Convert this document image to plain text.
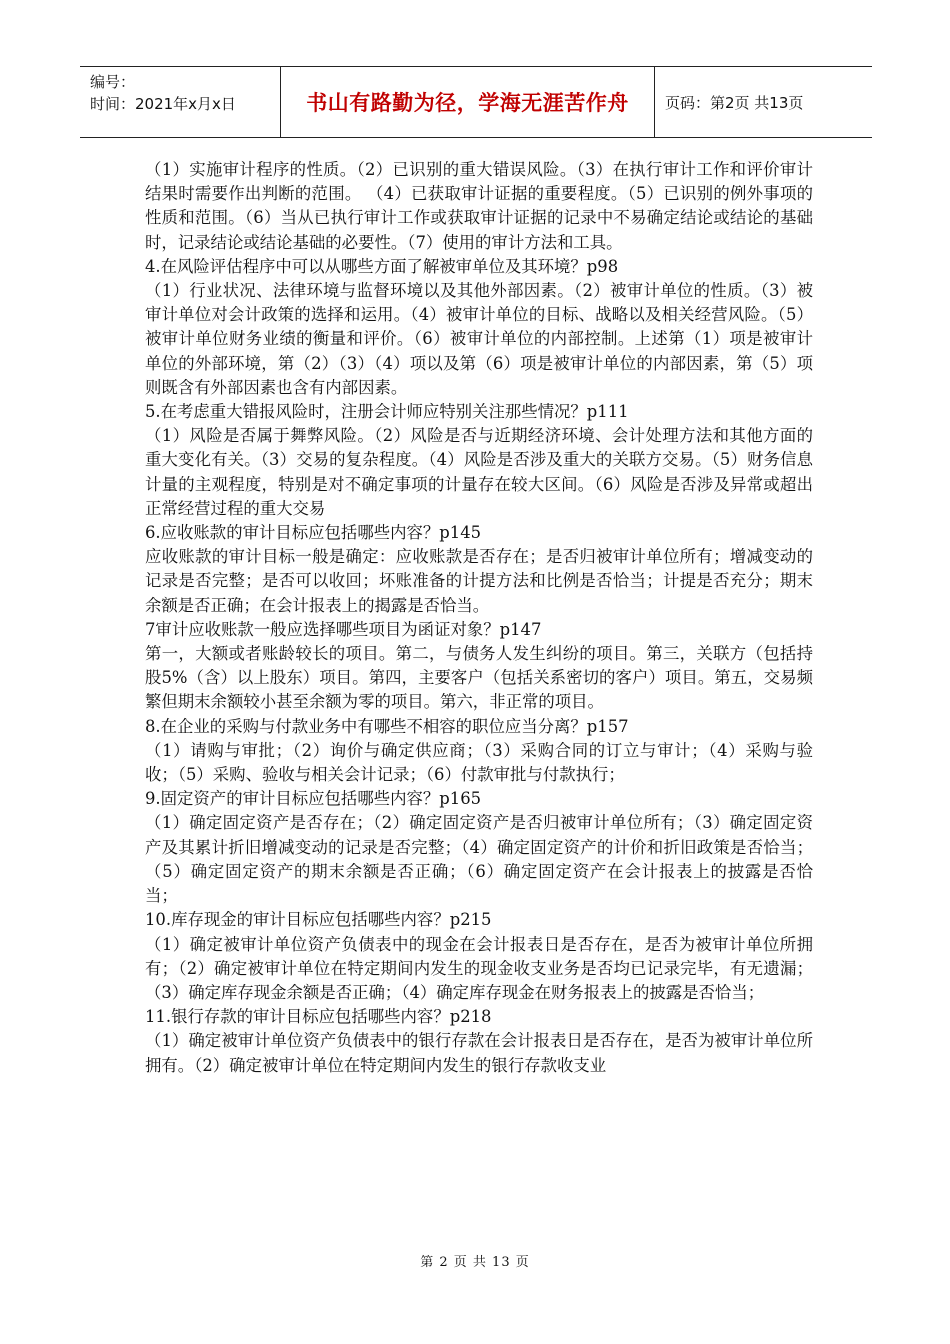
编号：
时间：2021年x月x日	书山有路勤为径，学海无涯苦作舟	页码：第2页 共13页

（1）实施审计程序的性质。（2）已识别的重大错误风险。（3）在执行审计工作和评价审计结果时需要作出判断的范围。 （4）已获取审计证据的重要程度。（5）已识别的例外事项的性质和范围。（6）当从已执行审计工作或获取审计证据的记录中不易确定结论或结论的基础时，记录结论或结论基础的必要性。（7）使用的审计方法和工具。

4.在风险评估程序中可以从哪些方面了解被审单位及其环境？p98

（1）行业状况、法律环境与监督环境以及其他外部因素。（2）被审计单位的性质。（3）被审计单位对会计政策的选择和运用。（4）被审计单位的目标、战略以及相关经营风险。（5）被审计单位财务业绩的衡量和评价。（6）被审计单位的内部控制。上述第（1）项是被审计单位的外部环境，第（2）（3）（4）项以及第（6）项是被审计单位的内部因素，第（5）项则既含有外部因素也含有内部因素。

5.在考虑重大错报风险时，注册会计师应特别关注那些情况？p111

（1）风险是否属于舞弊风险。（2）风险是否与近期经济环境、会计处理方法和其他方面的重大变化有关。（3）交易的复杂程度。（4）风险是否涉及重大的关联方交易。（5）财务信息计量的主观程度，特别是对不确定事项的计量存在较大区间。（6）风险是否涉及异常或超出正常经营过程的重大交易

6.应收账款的审计目标应包括哪些内容？p145

应收账款的审计目标一般是确定：应收账款是否存在；是否归被审计单位所有；增减变动的记录是否完整；是否可以收回；坏账准备的计提方法和比例是否恰当；计提是否充分；期末余额是否正确；在会计报表上的揭露是否恰当。

7审计应收账款一般应选择哪些项目为函证对象？p147

第一，大额或者账龄较长的项目。第二，与债务人发生纠纷的项目。第三，关联方（包括持股5%（含）以上股东）项目。第四，主要客户（包括关系密切的客户）项目。第五，交易频繁但期末余额较小甚至余额为零的项目。第六，非正常的项目。

8.在企业的采购与付款业务中有哪些不相容的职位应当分离？p157

（1）请购与审批；（2）询价与确定供应商；（3）采购合同的订立与审计；（4）采购与验收；（5）采购、验收与相关会计记录；（6）付款审批与付款执行；

9.固定资产的审计目标应包括哪些内容？p165

（1）确定固定资产是否存在；（2）确定固定资产是否归被审计单位所有；（3）确定固定资产及其累计折旧增减变动的记录是否完整；（4）确定固定资产的计价和折旧政策是否恰当；（5）确定固定资产的期末余额是否正确；（6）确定固定资产在会计报表上的披露是否恰当；

10.库存现金的审计目标应包括哪些内容？p215

（1）确定被审计单位资产负债表中的现金在会计报表日是否存在，是否为被审计单位所拥有；（2）确定被审计单位在特定期间内发生的现金收支业务是否均已记录完毕，有无遗漏；（3）确定库存现金余额是否正确；（4）确定库存现金在财务报表上的披露是否恰当；

11.银行存款的审计目标应包括哪些内容？p218

（1）确定被审计单位资产负债表中的银行存款在会计报表日是否存在，是否为被审计单位所拥有。（2）确定被审计单位在特定期间内发生的银行存款收支业

第 2 页 共 13 页
